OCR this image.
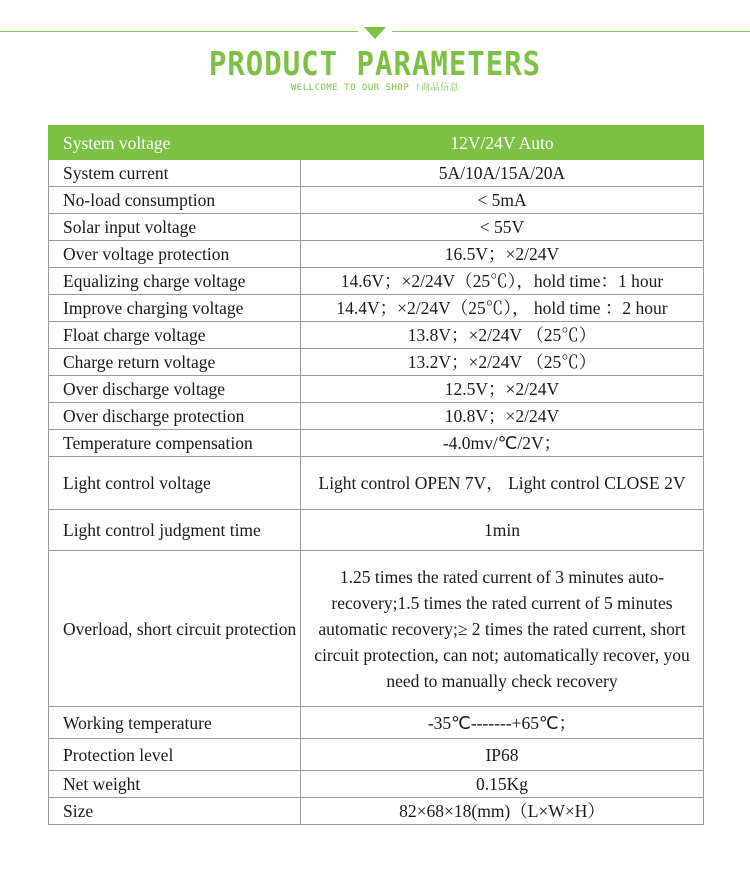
PRODUCT PARAMETERS
WELLCOME TO OUR SHOP !商品信息
System voltage	12V/24V Auto
System current	5A/10A/15A/20A
No-load consumption	< 5mA
Solar input voltage	< 55V
Over voltage protection	16.5V；×2/24V
Equalizing charge voltage	14.6V；×2/24V（25℃），hold time：1 hour
Improve charging voltage	14.4V；×2/24V（25℃）， hold time ：2 hour
Float charge voltage	13.8V；×2/24V （25℃）
Charge return voltage	13.2V；×2/24V （25℃）
Over discharge voltage	12.5V；×2/24V
Over discharge protection	10.8V；×2/24V
Temperature compensation	-4.0mv/℃/2V；
Light control voltage	Light control OPEN 7V， Light control CLOSE 2V
Light control judgment time	1min
Overload, short circuit protection	1.25 times the rated current of 3 minutes auto-recovery;1.5 times the rated current of 5 minutes automatic recovery;≥ 2 times the rated current, short circuit protection, can not; automatically recover, you need to manually check recovery
Working temperature	-35℃-------+65℃；
Protection level	IP68
Net weight	0.15Kg
Size	82×68×18(mm)（L×W×H）
